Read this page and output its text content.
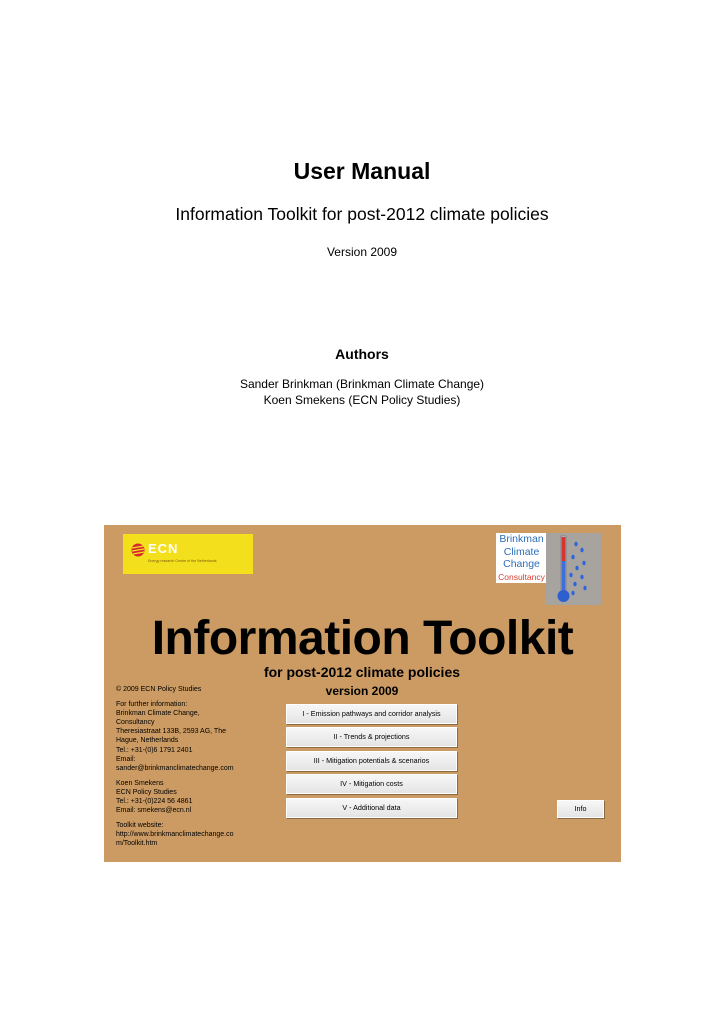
User Manual
Information Toolkit for post-2012 climate policies
Version 2009
Authors
Sander Brinkman (Brinkman Climate Change)
Koen Smekens (ECN Policy Studies)
ECN
Energy research Centre of the Netherlands
Brinkman
Climate
Change
Consultancy
Information Toolkit
for post-2012 climate policies
version 2009
© 2009 ECN Policy Studies
For further information:
Brinkman Climate Change,
Consultancy
Theresiastraat 133B, 2593 AG, The
Hague, Netherlands
Tel.: +31-(0)6 1791 2401
Email:
sander@brinkmanclimatechange.com
Koen Smekens
ECN Policy Studies
Tel.: +31-(0)224 56 4861
Email: smekens@ecn.nl
Toolkit website:
http://www.brinkmanclimatechange.co
m/Toolkit.htm
I - Emission pathways and corridor analysis
II - Trends & projections
III - Mitigation potentials & scenarios
IV - Mitigation costs
V - Additional data	Info
